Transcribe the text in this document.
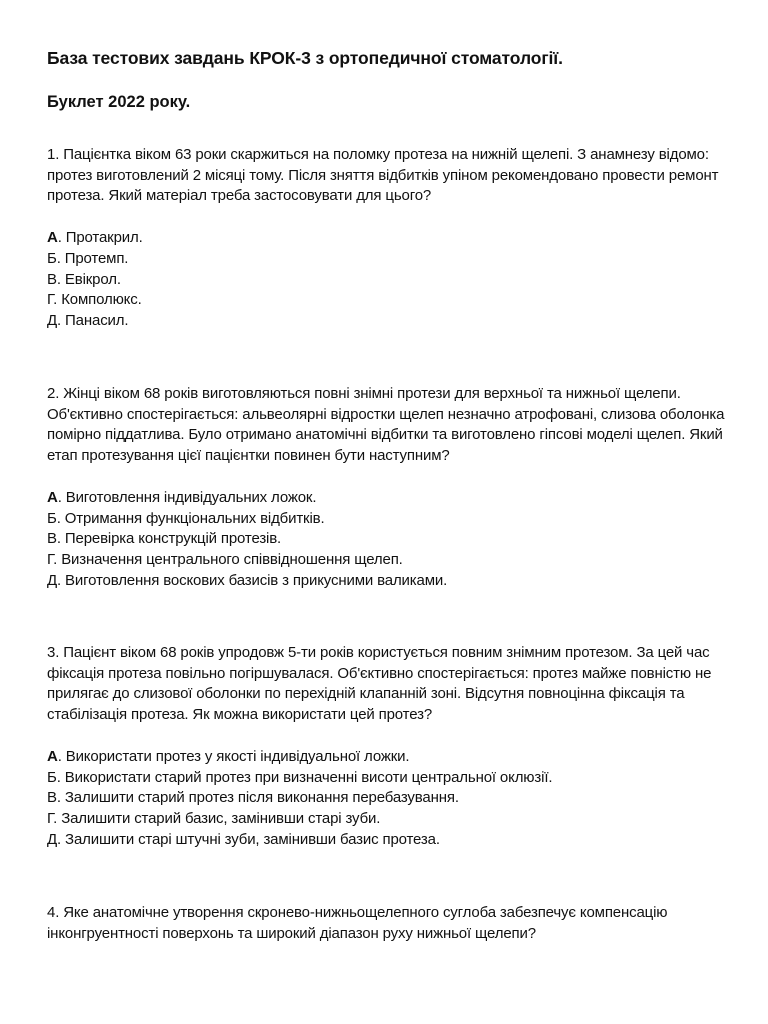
База тестових завдань КРОК-3 з ортопедичної стоматології.
Буклет 2022 року.

1. Пацієнтка віком 63 роки скаржиться на поломку протеза на нижній щелепі. З анамнезу відомо: протез виготовлений 2 місяці тому. Після зняття відбитків упіном рекомендовано провести ремонт протеза. Який матеріал треба застосовувати для цього?

А. Протакрил.
Б. Протемп.
В. Евікрол.
Г. Комполюкс.
Д. Панасил.

2. Жінці віком 68 років виготовляються повні знімні протези для верхньої та нижньої щелепи. Об'єктивно спостерігається: альвеолярні відростки щелеп незначно атрофовані, слизова оболонка помірно піддатлива. Було отримано анатомічні відбитки та виготовлено гіпсові моделі щелеп. Який етап протезування цієї пацієнтки повинен бути наступним?

А. Виготовлення індивідуальних ложок.
Б. Отримання функціональних відбитків.
В. Перевірка конструкцій протезів.
Г. Визначення центрального співвідношення щелеп.
Д. Виготовлення воскових базисів з прикусними валиками.

3. Пацієнт віком 68 років упродовж 5-ти років користується повним знімним протезом. За цей час фіксація протеза повільно погіршувалася. Об'єктивно спостерігається: протез майже повністю не прилягає до слизової оболонки по перехідній клапанній зоні. Відсутня повноцінна фіксація та стабілізація протеза. Як можна використати цей протез?

А. Використати протез у якості індивідуальної ложки.
Б. Використати старий протез при визначенні висоти центральної оклюзії.
В. Залишити старий протез після виконання перебазування.
Г. Залишити старий базис, замінивши старі зуби.
Д. Залишити старі штучні зуби, замінивши базис протеза.

4. Яке анатомічне утворення скронево-нижньощелепного суглоба забезпечує компенсацію інконгруентності поверхонь та широкий діапазон руху нижньої щелепи?
